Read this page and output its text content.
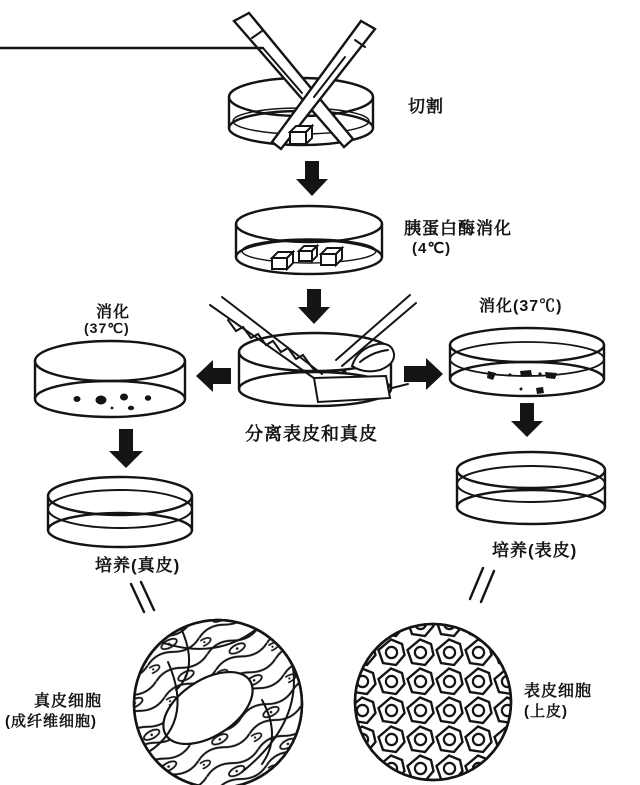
切割
胰蛋白酶消化
(4℃)
消化
(37℃)
消化(37℃)
分离表皮和真皮
培养(真皮)
培养(表皮)
真皮细胞
(成纤维细胞)
表皮细胞
(上皮)
